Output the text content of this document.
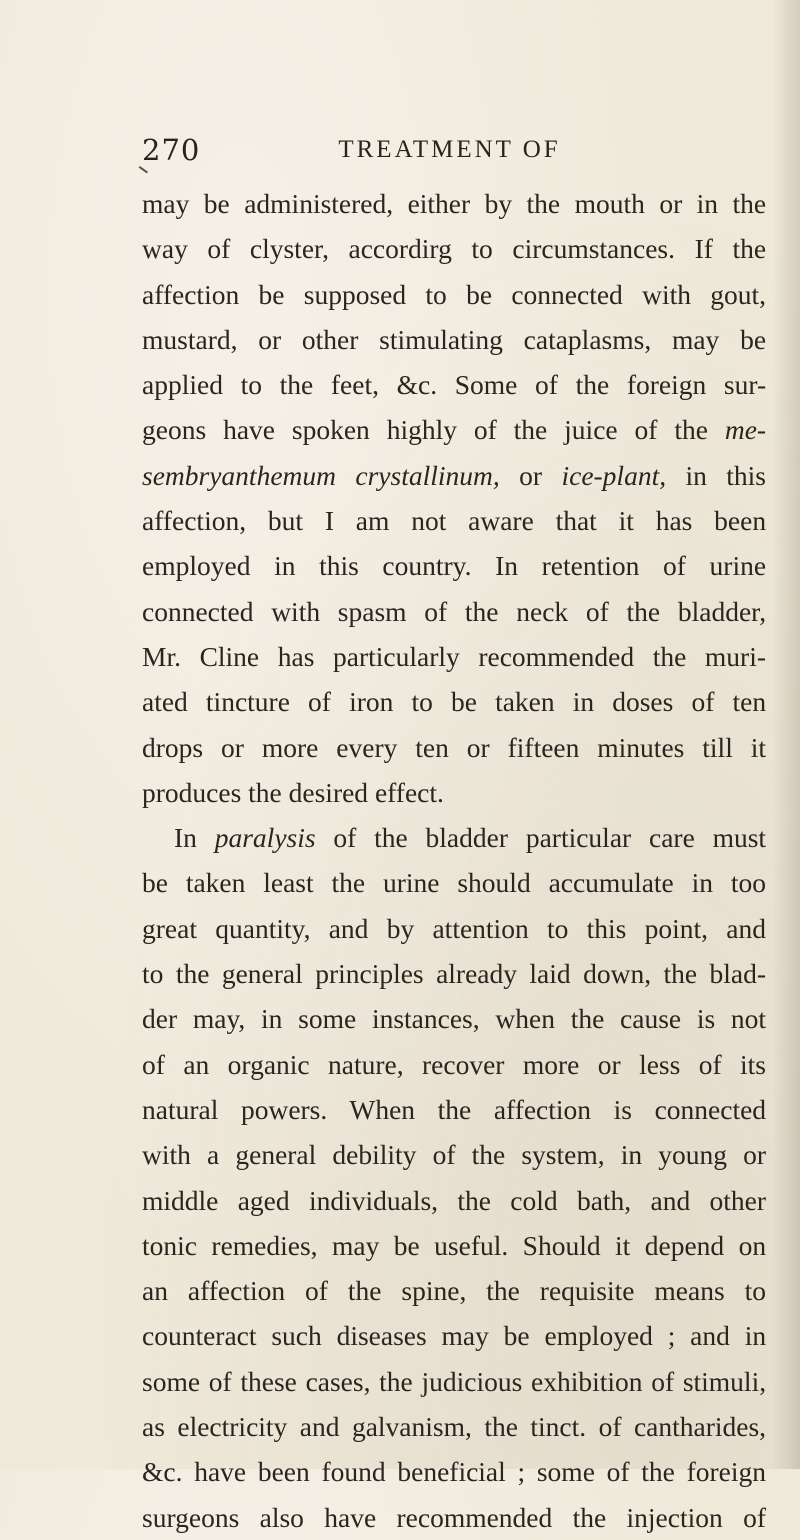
270	TREATMENT OF
may be administered, either by the mouth or in the
way of clyster, accordirg to circumstances. If the
affection be supposed to be connected with gout,
mustard, or other stimulating cataplasms, may be
applied to the feet, &c. Some of the foreign sur-
geons have spoken highly of the juice of the me-
sembryanthemum crystallinum, or ice-plant, in this
affection, but I am not aware that it has been
employed in this country. In retention of urine
connected with spasm of the neck of the bladder,
Mr. Cline has particularly recommended the muri-
ated tincture of iron to be taken in doses of ten
drops or more every ten or fifteen minutes till it
produces the desired effect.
In paralysis of the bladder particular care must
be taken least the urine should accumulate in too
great quantity, and by attention to this point, and
to the general principles already laid down, the blad-
der may, in some instances, when the cause is not
of an organic nature, recover more or less of its
natural powers. When the affection is connected
with a general debility of the system, in young or
middle aged individuals, the cold bath, and other
tonic remedies, may be useful. Should it depend on
an affection of the spine, the requisite means to
counteract such diseases may be employed ; and in
some of these cases, the judicious exhibition of stimuli,
as electricity and galvanism, the tinct. of cantharides,
&c. have been found beneficial ; some of the foreign
surgeons also have recommended the injection of
